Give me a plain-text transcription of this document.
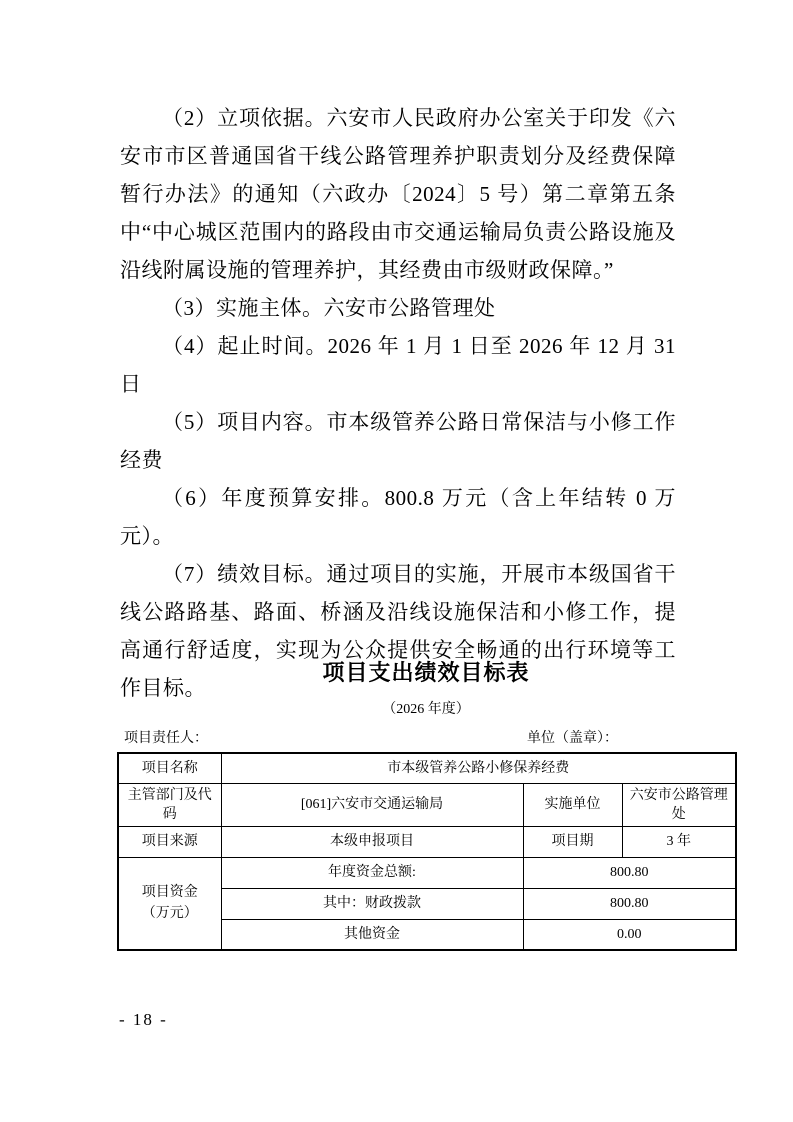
（2）立项依据。六安市人民政府办公室关于印发《六安市市区普通国省干线公路管理养护职责划分及经费保障暂行办法》的通知（六政办〔2024〕5 号）第二章第五条中“中心城区范围内的路段由市交通运输局负责公路设施及沿线附属设施的管理养护，其经费由市级财政保障。”

（3）实施主体。六安市公路管理处

（4）起止时间。2026 年 1 月 1 日至 2026 年 12 月 31 日

（5）项目内容。市本级管养公路日常保洁与小修工作经费

（6）年度预算安排。800.8 万元（含上年结转 0 万元）。

（7）绩效目标。通过项目的实施，开展市本级国省干线公路路基、路面、桥涵及沿线设施保洁和小修工作，提高通行舒适度，实现为公众提供安全畅通的出行环境等工作目标。

项目支出绩效目标表
（2026 年度）
项目责任人：	单位（盖章）：
项目名称	市本级管养公路小修保养经费		
主管部门及代码	[061]六安市交通运输局	实施单位	六安市公路管理处
项目来源	本级申报项目	项目期	3 年

项目资金
（万元）	年度资金总额:	800.80	
	其中：财政拨款	800.80	
	其他资金	0.00	
- 18 -
